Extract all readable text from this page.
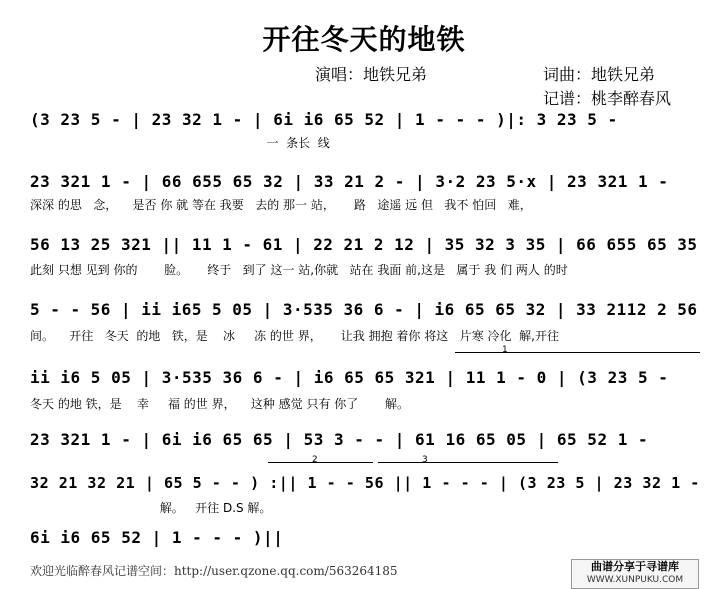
开往冬天的地铁
演唱：地铁兄弟	词曲：地铁兄弟
记谱：桃李醉春风
(3 23 5 - | 23 32 1 - | 6i i6 65 52 | 1 - - - )|: 3 23 5 -
一  条长  线
23 321 1 - | 66 655 65 32 | 33 21 2 - | 3·2 23 5·x | 23 321 1 -
深深 的思   念，    是否 你 就 等在 我要   去的 那一 站，     路   途遥 远 但   我不 怕回   难，
56 13 25 321 || 11 1 - 61 | 22 21 2 12 | 35 32 3 35 | 66 655 65 35
此刻 只想 见到 你的       脸。     终于   到了 这一 站,你就   站在 我面 前,这是   属于 我 们 两人 的时
5 - - 56 | ii i65 5 05 | 3·535 36 6 - | i6 65 65 32 | 33 2112 2 56
间。    开往   冬天  的地   铁，是    冰     冻 的世 界，     让我 拥抱 着你 将这   片寒 冷化  解,开往
1
ii i6 5 05 | 3·535 36 6 - | i6 65 65 321 | 11 1 - 0 | (3 23 5 -
冬天 的地 铁，是    幸     福 的世 界，    这种 感觉 只有 你了       解。
23 321 1 - | 6i i6 65 65 | 53 3 - - | 61 16 65 05 | 65 52 1 -
2	3
32 21 32 21 | 65 5 - - ) :|| 1 - - 56 || 1 - - - | (3 23 5 | 23 32 1 -
解。   开往 D.S 解。
6i i6 65 52 | 1 - - - )||
欢迎光临醉春风记谱空间：http://user.qzone.qq.com/563264185	曲谱分享于寻谱库
WWW.XUNPUKU.COM
